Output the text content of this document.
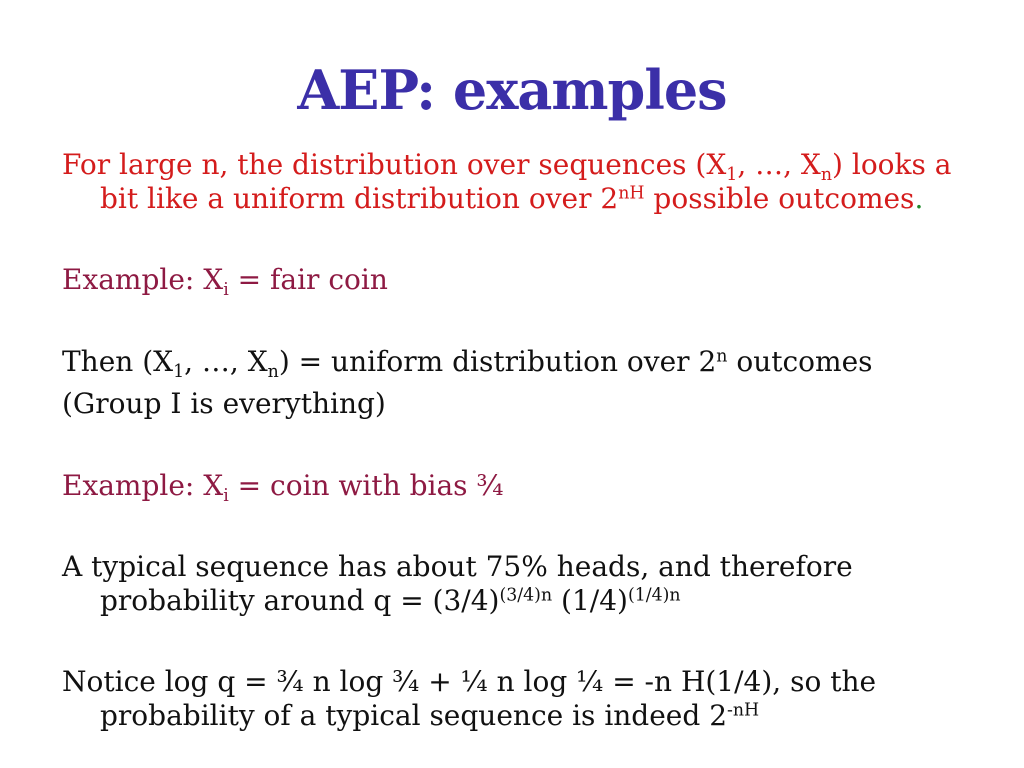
AEP: examples
For large n, the distribution over sequences ($X_1$, …, $X_n$) looks a
bit like a uniform distribution over $2^{nH}$ possible outcomes.
Example: $X_i$ = fair coin
Then ($X_1$, …, $X_n$) = uniform distribution over 2$^n$ outcomes
(Group I is everything)
Example: $X_i$ = coin with bias ¾
A typical sequence has about 75% heads, and therefore
probability around $q = (3/4)^{(3/4)n}$ $(1/4)^{(1/4)n}$
Notice log q = ¾ n log ¾ + ¼ n log ¼ = -n H(1/4), so the
probability of a typical sequence is indeed $2^{-nH}$
